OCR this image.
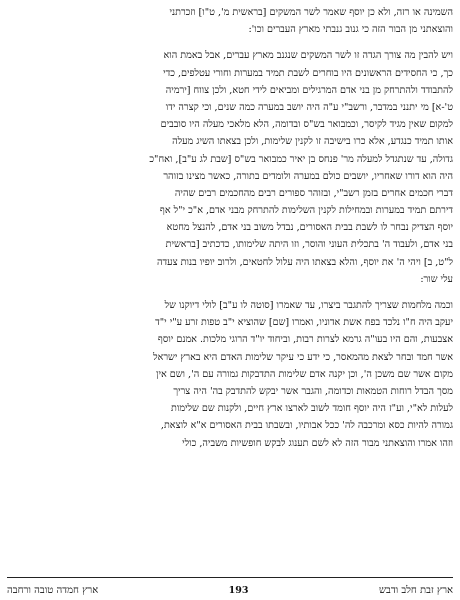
השמינה או רזה, ולא כן יוסף שאמר לשר המשקים [בראשית מ', ט"ו] וזכרתני
והוצאתני מן הבור הזה כי גנוב גנבתי מארץ העברים וכו':
ויש להבין מה צורך הגדה זו לשר המשקים שנגנב מארץ עברים, אבל באמת הוא
כך, כי החסידים הראשונים היו בוחרים לשבת תמיד במערות וחורי עטלפים, כדי
להתבודד ולהתרחק מן בני אדם המרגילים ומביאים לידי חטא, ולכן צווח [ירמיה
ט'-א] מי יתנני במדבר, ורשב"י ע"ה היה יושב במערה כמה שנים, וכי קצרה ידו
למקום שאין מגיד לקיסר, וכמבואר בש"ס ובדומה, הלא מלאכי מעלה היו סובבים
אותו תמיד כנגדע, אלא כרו בישיבה זו לקנין שלימות, ולכן בצאתו השיג מעלה
גדולה, עד שנתגדל למעלה מר' פנחס בן יאיר כמבואר בש"ס [שבת לג ע"ב], ואח"כ
היה הוא דורו שאחריו, יושבים כולם במערה ולומדים בתורה, כאשר מצינו בזוהר
דברי חכמים אחרים בזמן רשב"י, ובזוהר ספורים רבים מהחכמים רבים שהיה
דירתם תמיד במערות ובמחילות לקנין השלימות להתרחק מבני אדם, א"כ י"ל אף
יוסף הצדיק נבחר לו לשבת בבית האסורים, נבדל משוב בני אדם, להנצל מחטא
בני אדם, ולעבוד ה' בתכלית העוני והוסר, וזו היתה שלימותו, כדכתיב [בראשית
ל"ט, ב] ויהי ה' את יוסף, והלא בצאתו היה עלול לחטאים, ולרוב יופיו בנות צעדה
עלי שור:
וכמה מלחמות שצריך להתגבר ביצרו, עד שאמרו [סוטה לו ע"ב] לולי דיוקנו של
יעקב היה ח"ו נלכד בפח אשת אדוניו, ואמרו [שם] שהוציא י"ב טפות זרע ע"י י"ד
אצבעות, והם היו בעו"ה גרמא לצרות רבות, וביחוד יו"ד הרוגי מלכות. אמנם יוסף
אשר חמד ובחר לצאת מהמאסר, כי ידע כי עיקר שלימות האדם היא בארץ ישראל
מקום אשר שם משכן ה', וכן יקנה אדם שלימות התדבקות גמורה עם ה', ושם אין
מסך הבדל רוחות הטמאות וכדומה, והגבר אשר יבקש להתדבק בה' היה צריך
לעלות לא"י, וע"ז היה יוסף חומד לשוב לארצו ארץ חיים, ולקנות שם שלימות
גמורה להיות כסא ומרכבה לה' ככל אבותיו, ובשבתו בבית האסורים א"א לוצאת,
וזהו אמרו והוצאתני מבור הזה לא לשם תענוג לבקש חופשיות משביה, כולי
ארץ זבת חלב ודבש
193
ארץ חמדה טובה ורחבה
